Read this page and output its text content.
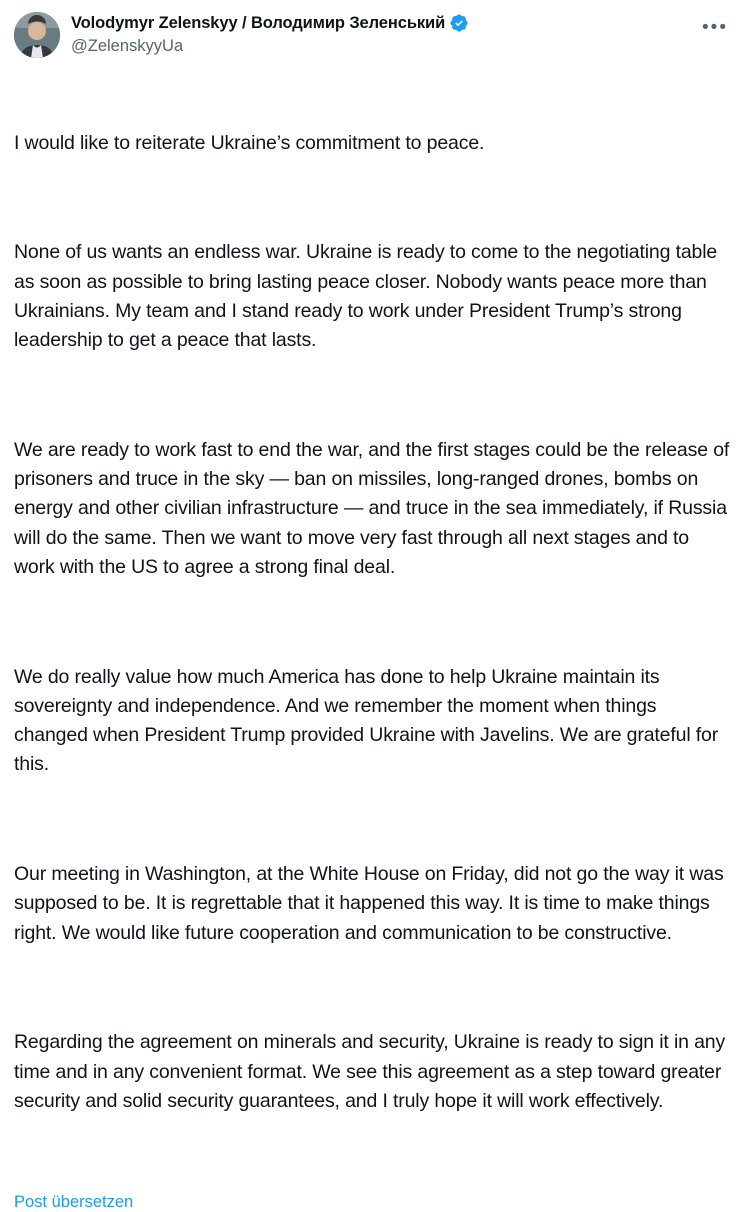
Volodymyr Zelenskyy / Володимир Зеленський
@ZelenskyyUa
•••

I would like to reiterate Ukraine’s commitment to peace.

None of us wants an endless war. Ukraine is ready to come to the negotiating table as soon as possible to bring lasting peace closer. Nobody wants peace more than Ukrainians. My team and I stand ready to work under President Trump’s strong leadership to get a peace that lasts.

We are ready to work fast to end the war, and the first stages could be the release of prisoners and truce in the sky — ban on missiles, long-ranged drones, bombs on energy and other civilian infrastructure — and truce in the sea immediately, if Russia will do the same. Then we want to move very fast through all next stages and to work with the US to agree a strong final deal.

We do really value how much America has done to help Ukraine maintain its sovereignty and independence. And we remember the moment when things changed when President Trump provided Ukraine with Javelins. We are grateful for this.

Our meeting in Washington, at the White House on Friday, did not go the way it was supposed to be. It is regrettable that it happened this way. It is time to make things right. We would like future cooperation and communication to be constructive.

Regarding the agreement on minerals and security, Ukraine is ready to sign it in any time and in any convenient format. We see this agreement as a step toward greater security and solid security guarantees, and I truly hope it will work effectively.

Post übersetzen
